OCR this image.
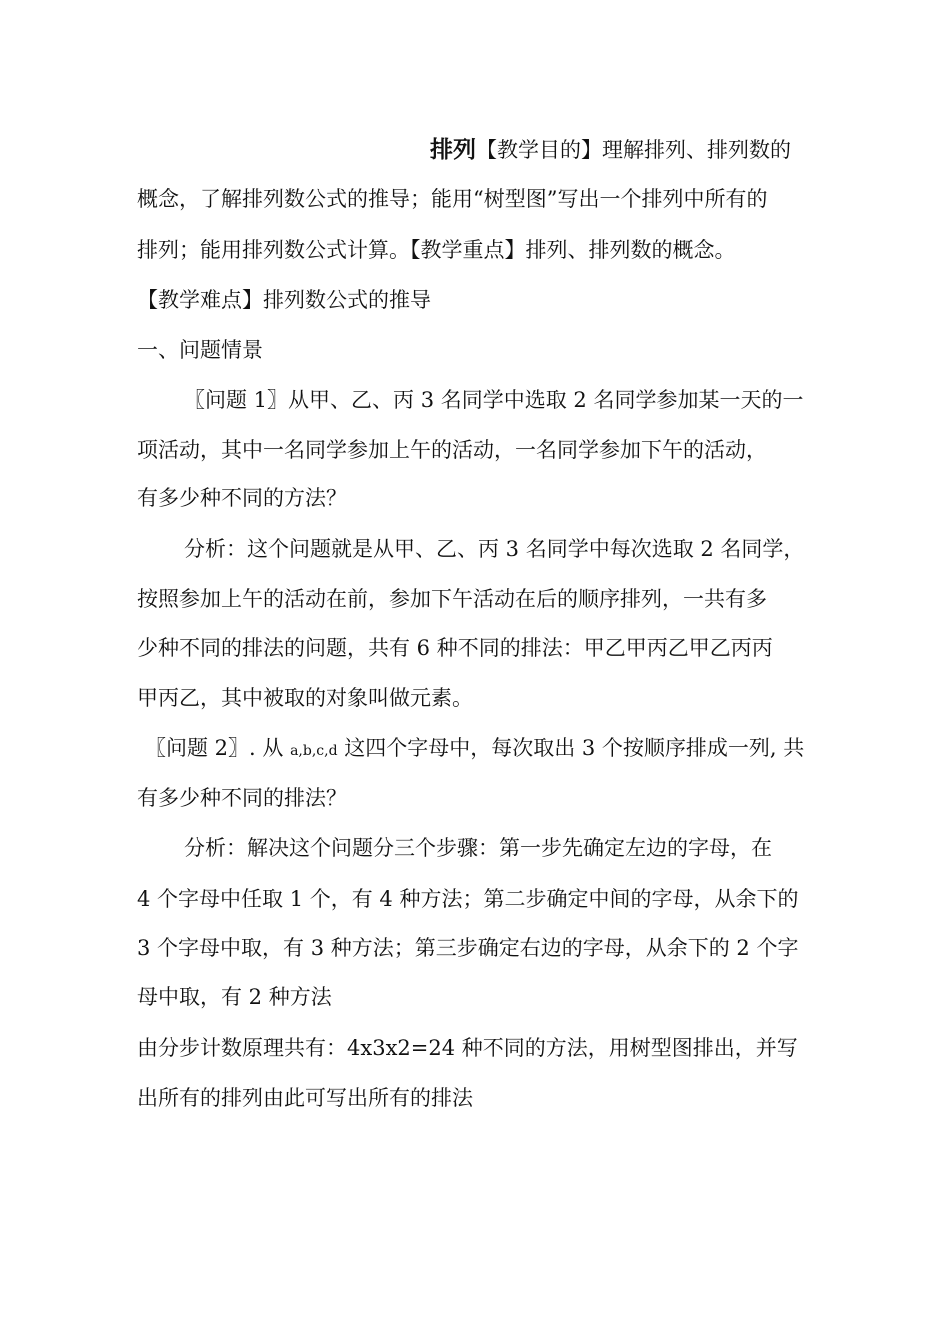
排列【教学目的】理解排列、排列数的
概念，了解排列数公式的推导；能用“树型图”写出一个排列中所有的
排列；能用排列数公式计算。【教学重点】排列、排列数的概念。
【教学难点】排列数公式的推导
一、问题情景
〖问题 1〗从甲、乙、丙 3 名同学中选取 2 名同学参加某一天的一
项活动，其中一名同学参加上午的活动，一名同学参加下午的活动，
有多少种不同的方法？
分析：这个问题就是从甲、乙、丙 3 名同学中每次选取 2 名同学，
按照参加上午的活动在前，参加下午活动在后的顺序排列，一共有多
少种不同的排法的问题，共有 6 种不同的排法：甲乙甲丙乙甲乙丙丙
甲丙乙，其中被取的对象叫做元素。
〖问题 2〗. 从 a,b,c,d 这四个字母中，每次取出 3 个按顺序排成一列, 共
有多少种不同的排法？
分析：解决这个问题分三个步骤：第一步先确定左边的字母，在
4 个字母中任取 1 个，有 4 种方法；第二步确定中间的字母，从余下的
3 个字母中取，有 3 种方法；第三步确定右边的字母，从余下的 2 个字
母中取，有 2 种方法
由分步计数原理共有：4x3x2=24 种不同的方法，用树型图排出，并写
出所有的排列由此可写出所有的排法
